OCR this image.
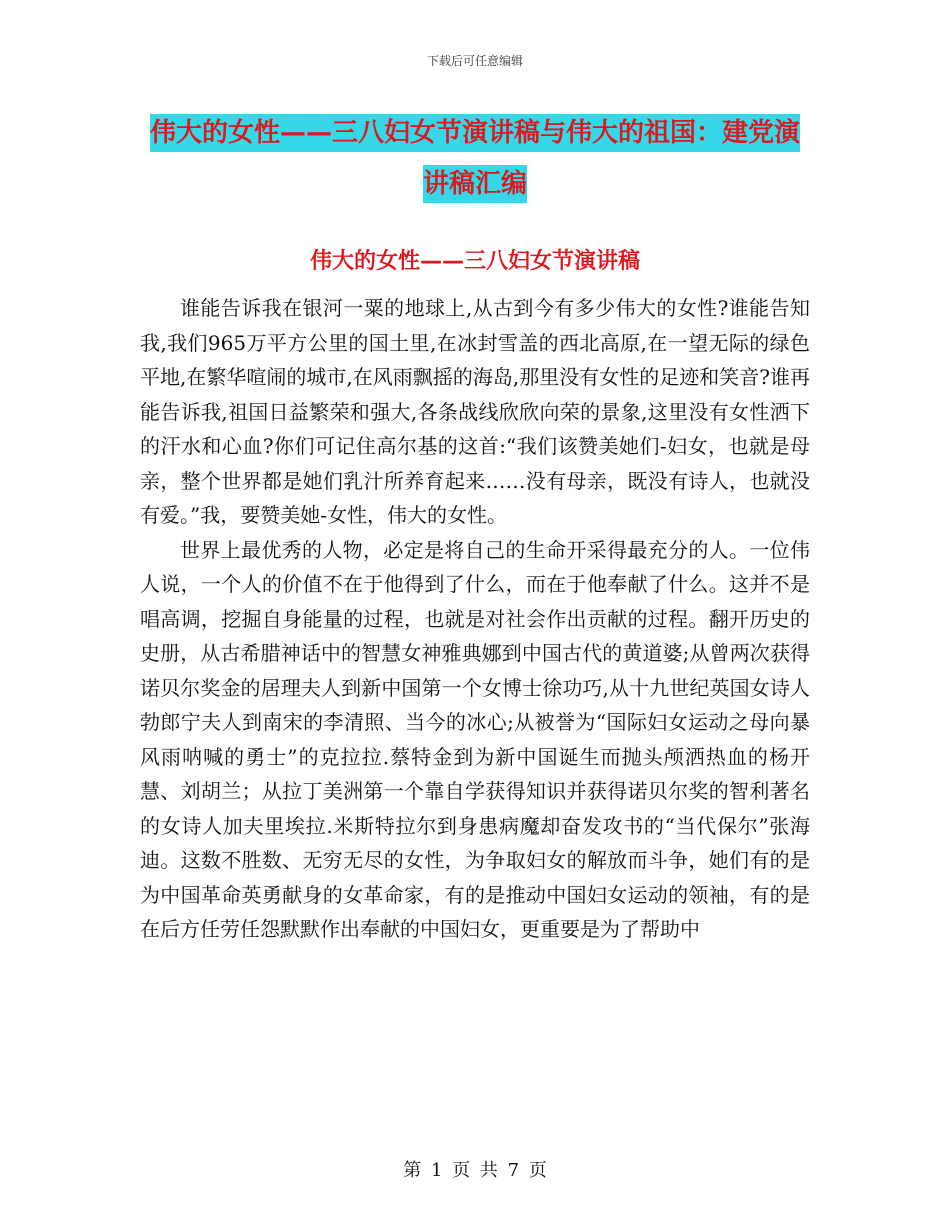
下载后可任意编辑
伟大的女性——三八妇女节演讲稿与伟大的祖国：建党演讲稿汇编
伟大的女性——三八妇女节演讲稿

谁能告诉我在银河一粟的地球上,从古到今有多少伟大的女性?谁能告知我,我们965万平方公里的国土里,在冰封雪盖的西北高原,在一望无际的绿色平地,在繁华喧闹的城市,在风雨飘摇的海岛,那里没有女性的足迹和笑音?谁再能告诉我,祖国日益繁荣和强大,各条战线欣欣向荣的景象,这里没有女性洒下的汗水和心血?你们可记住高尔基的这首:“我们该赞美她们-妇女，也就是母亲，整个世界都是她们乳汁所养育起来……没有母亲，既没有诗人，也就没有爱。”我，要赞美她-女性，伟大的女性。

世界上最优秀的人物，必定是将自己的生命开采得最充分的人。一位伟人说，一个人的价值不在于他得到了什么，而在于他奉献了什么。这并不是唱高调，挖掘自身能量的过程，也就是对社会作出贡献的过程。翻开历史的史册，从古希腊神话中的智慧女神雅典娜到中国古代的黄道婆;从曾两次获得诺贝尔奖金的居理夫人到新中国第一个女博士徐功巧,从十九世纪英国女诗人勃郎宁夫人到南宋的李清照、当今的冰心;从被誉为“国际妇女运动之母向暴风雨呐喊的勇士”的克拉拉.蔡特金到为新中国诞生而抛头颅洒热血的杨开慧、刘胡兰；从拉丁美洲第一个靠自学获得知识并获得诺贝尔奖的智利著名的女诗人加夫里埃拉.米斯特拉尔到身患病魔却奋发攻书的“当代保尔”张海迪。这数不胜数、无穷无尽的女性，为争取妇女的解放而斗争，她们有的是为中国革命英勇献身的女革命家，有的是推动中国妇女运动的领袖，有的是在后方任劳任怨默默作出奉献的中国妇女，更重要是为了帮助中

第 1 页 共 7 页
